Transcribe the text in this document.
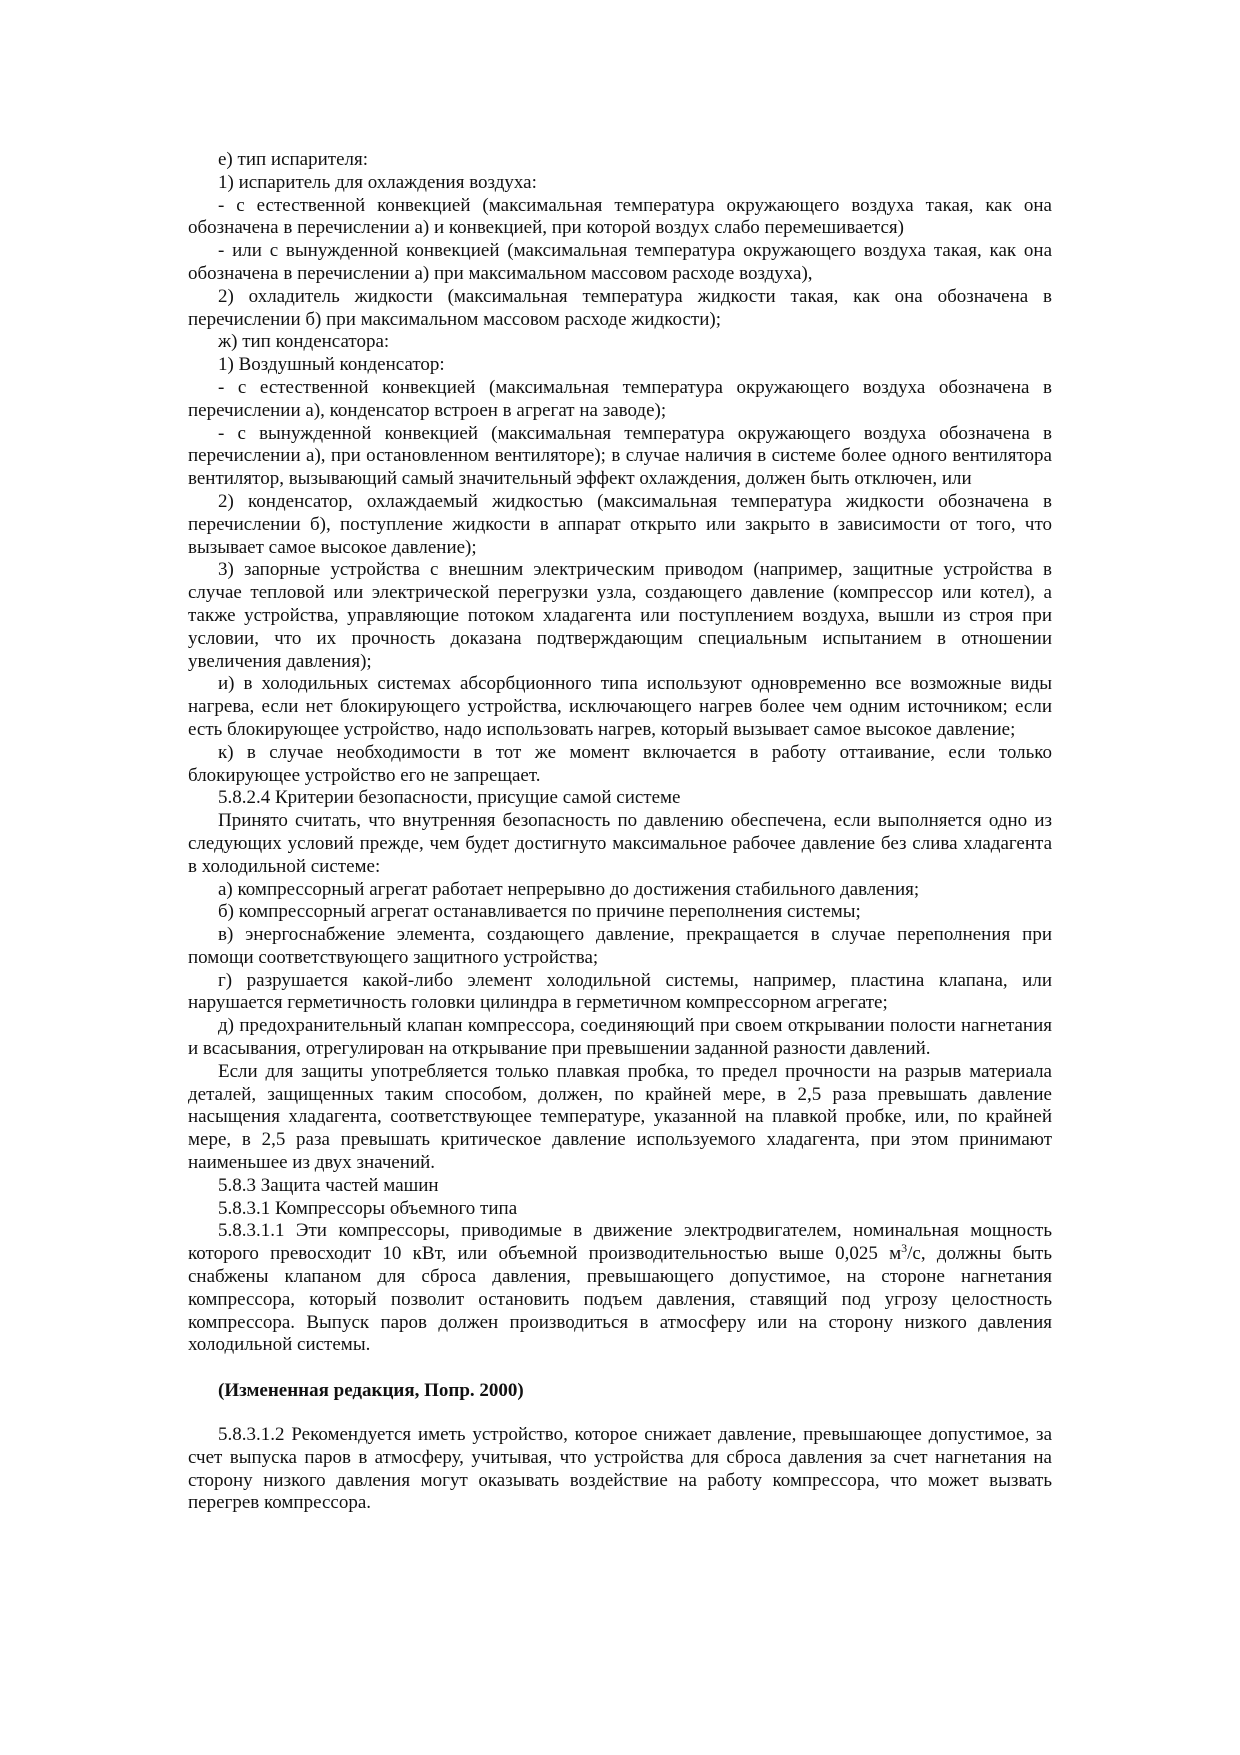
е) тип испарителя:

1) испаритель для охлаждения воздуха:

- с естественной конвекцией (максимальная температура окружающего воздуха такая, как она обозначена в перечислении а) и конвекцией, при которой воздух слабо перемешивается)

- или с вынужденной конвекцией (максимальная температура окружающего воздуха такая, как она обозначена в перечислении а) при максимальном массовом расходе воздуха),

2) охладитель жидкости (максимальная температура жидкости такая, как она обозначена в перечислении б) при максимальном массовом расходе жидкости);

ж) тип конденсатора:

1) Воздушный конденсатор:

- с естественной конвекцией (максимальная температура окружающего воздуха обозначена в перечислении а), конденсатор встроен в агрегат на заводе);

- с вынужденной конвекцией (максимальная температура окружающего воздуха обозначена в перечислении а), при остановленном вентиляторе); в случае наличия в системе более одного вентилятора вентилятор, вызывающий самый значительный эффект охлаждения, должен быть отключен, или

2) конденсатор, охлаждаемый жидкостью (максимальная температура жидкости обозначена в перечислении б), поступление жидкости в аппарат открыто или закрыто в зависимости от того, что вызывает самое высокое давление);

3) запорные устройства с внешним электрическим приводом (например, защитные устройства в случае тепловой или электрической перегрузки узла, создающего давление (компрессор или котел), а также устройства, управляющие потоком хладагента или поступлением воздуха, вышли из строя при условии, что их прочность доказана подтверждающим специальным испытанием в отношении увеличения давления);

и) в холодильных системах абсорбционного типа используют одновременно все возможные виды нагрева, если нет блокирующего устройства, исключающего нагрев более чем одним источником; если есть блокирующее устройство, надо использовать нагрев, который вызывает самое высокое давление;

к) в случае необходимости в тот же момент включается в работу оттаивание, если только блокирующее устройство его не запрещает.

5.8.2.4 Критерии безопасности, присущие самой системе

Принято считать, что внутренняя безопасность по давлению обеспечена, если выполняется одно из следующих условий прежде, чем будет достигнуто максимальное рабочее давление без слива хладагента в холодильной системе:

а) компрессорный агрегат работает непрерывно до достижения стабильного давления;

б) компрессорный агрегат останавливается по причине переполнения системы;

в) энергоснабжение элемента, создающего давление, прекращается в случае переполнения при помощи соответствующего защитного устройства;

г) разрушается какой-либо элемент холодильной системы, например, пластина клапана, или нарушается герметичность головки цилиндра в герметичном компрессорном агрегате;

д) предохранительный клапан компрессора, соединяющий при своем открывании полости нагнетания и всасывания, отрегулирован на открывание при превышении заданной разности давлений.

Если для защиты употребляется только плавкая пробка, то предел прочности на разрыв материала деталей, защищенных таким способом, должен, по крайней мере, в 2,5 раза превышать давление насыщения хладагента, соответствующее температуре, указанной на плавкой пробке, или, по крайней мере, в 2,5 раза превышать критическое давление используемого хладагента, при этом принимают наименьшее из двух значений.

5.8.3 Защита частей машин

5.8.3.1 Компрессоры объемного типа

5.8.3.1.1 Эти компрессоры, приводимые в движение электродвигателем, номинальная мощность которого превосходит 10 кВт, или объемной производительностью выше 0,025 $м^3/с$, должны быть снабжены клапаном для сброса давления, превышающего допустимое, на стороне нагнетания компрессора, который позволит остановить подъем давления, ставящий под угрозу целостность компрессора. Выпуск паров должен производиться в атмосферу или на сторону низкого давления холодильной системы.

(Измененная редакция, Попр. 2000)

5.8.3.1.2 Рекомендуется иметь устройство, которое снижает давление, превышающее допустимое, за счет выпуска паров в атмосферу, учитывая, что устройства для сброса давления за счет нагнетания на сторону низкого давления могут оказывать воздействие на работу компрессора, что может вызвать перегрев компрессора.
